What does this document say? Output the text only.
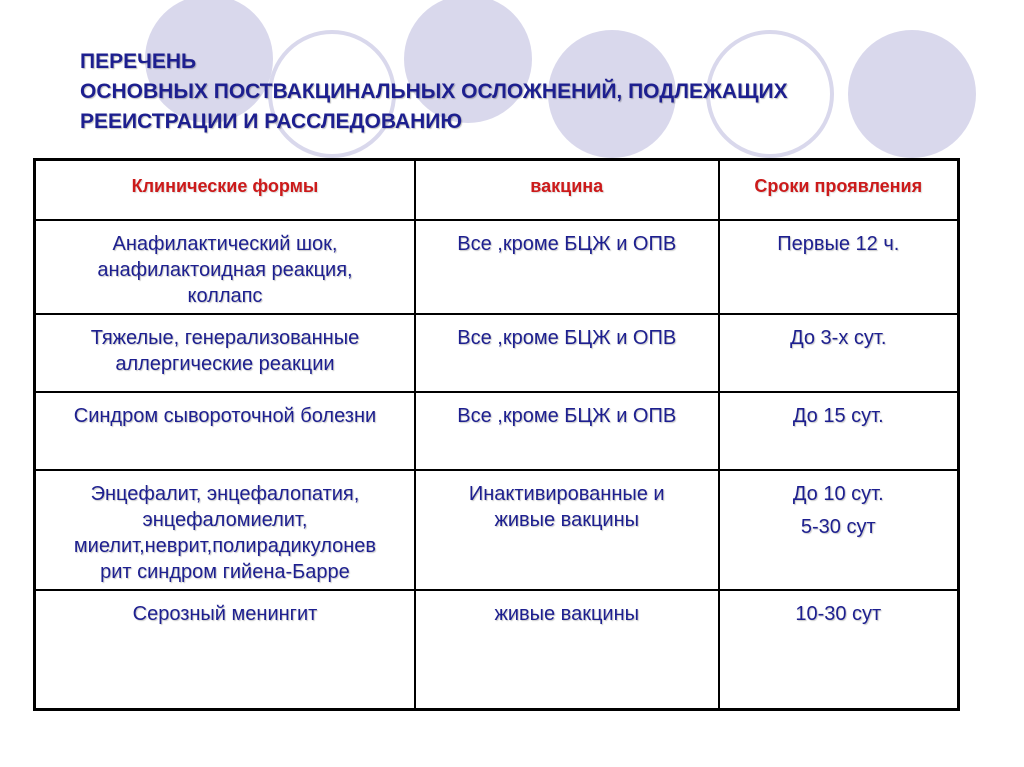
ПЕРЕЧЕНЬ
ОСНОВНЫХ ПОСТВАКЦИНАЛЬНЫХ ОСЛОЖНЕНИЙ, ПОДЛЕЖАЩИХ
РЕЕИСТРАЦИИ И РАССЛЕДОВАНИЮ
Клинические формы	вакцина	Сроки проявления

Анафилактический шок,
анафилактоидная реакция,
коллапс	Все ,кроме БЦЖ и ОПВ	Первые 12 ч.

Тяжелые, генерализованные
аллергические реакции	Все ,кроме БЦЖ и ОПВ	До 3-х сут.

Синдром сывороточной болезни	Все ,кроме БЦЖ и ОПВ	До 15 сут.

Энцефалит, энцефалопатия,
энцефаломиелит,
миелит,неврит,полирадикулонев
рит синдром гийена-Барре	Инактивированные и
живые вакцины	До 10 сут.
5-30 сут

Серозный менингит	живые вакцины	10-30 сут
